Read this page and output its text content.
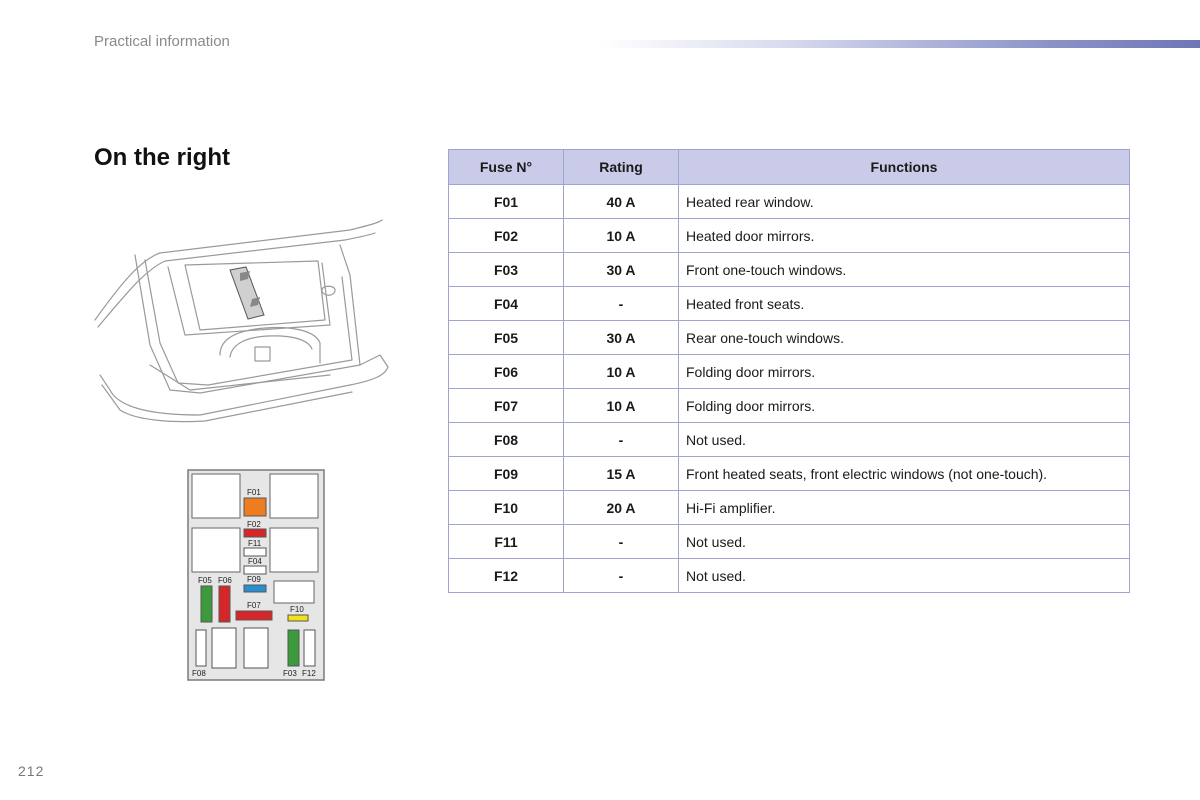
Practical information
On the right
F01
F02
F11
F04
F05 F06 F09
F07	F10
F08	F03 F12
Fuse N°	Rating	Functions
F01	40 A	Heated rear window.
F02	10 A	Heated door mirrors.
F03	30 A	Front one-touch windows.
F04	-	Heated front seats.
F05	30 A	Rear one-touch windows.
F06	10 A	Folding door mirrors.
F07	10 A	Folding door mirrors.
F08	-	Not used.
F09	15 A	Front heated seats, front electric windows (not one-touch).
F10	20 A	Hi-Fi amplifier.
F11	-	Not used.
F12	-	Not used.
212
